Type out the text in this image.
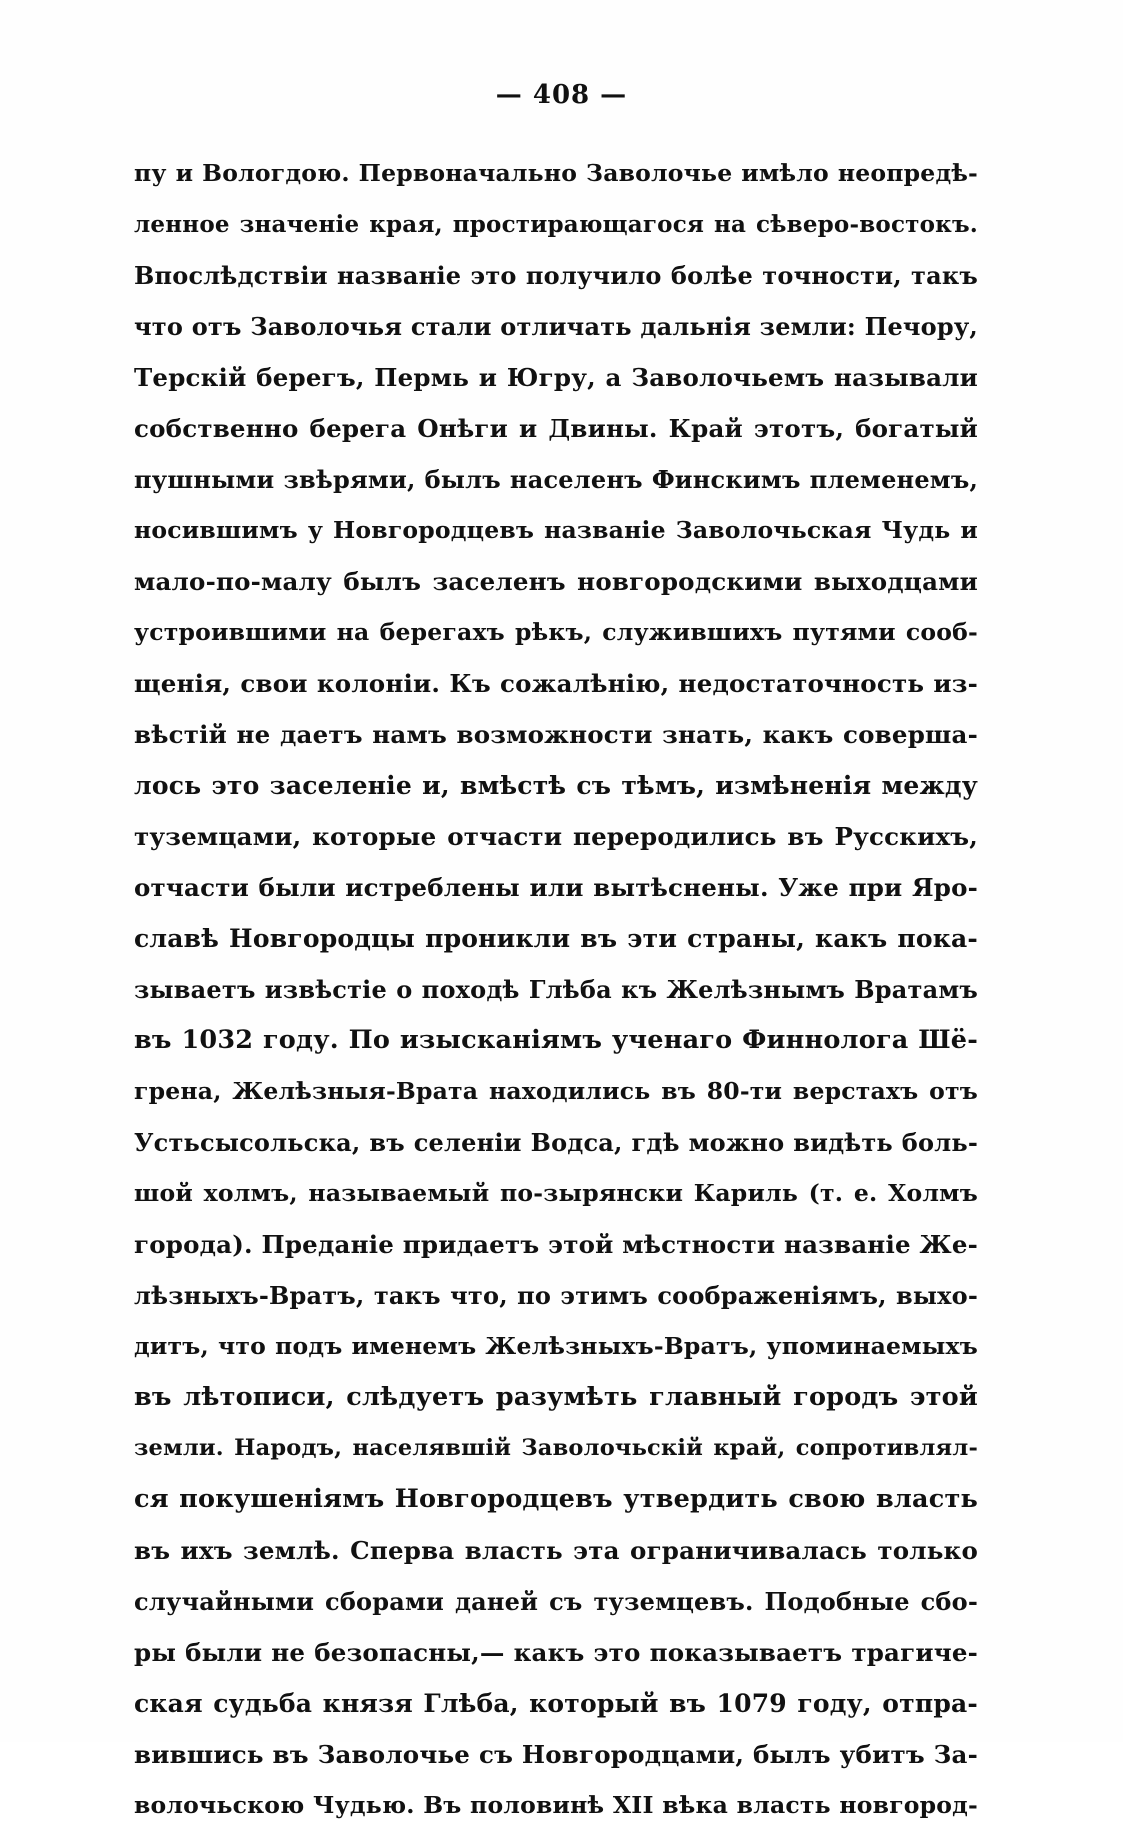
— 408 —
пу и Вологдою. Первоначально Заволочье имѣло неопредѣ-
ленное значеніе края, простирающагося на сѣверо-востокъ.
Впослѣдствіи названіе это получило болѣе точности, такъ
что отъ Заволочья стали отличать дальнія земли: Печору,
Терскій берегъ, Пермь и Югру, а Заволочьемъ называли
собственно берега Онѣги и Двины. Край этотъ, богатый
пушными звѣрями, былъ населенъ Финскимъ племенемъ,
носившимъ у Новгородцевъ названіе Заволочьская Чудь и
мало-по-малу былъ заселенъ новгородскими выходцами
устроившими на берегахъ рѣкъ, служившихъ путями сооб-
щенія, свои колоніи. Къ сожалѣнію, недостаточность из-
вѣстій не даетъ намъ возможности знать, какъ соверша-
лось это заселеніе и, вмѣстѣ съ тѣмъ, измѣненія между
туземцами, которые отчасти переродились въ Русскихъ,
отчасти были истреблены или вытѣснены. Уже при Яро-
славѣ Новгородцы проникли въ эти страны, какъ пока-
зываетъ извѣстіе о походѣ Глѣба къ Желѣзнымъ Вратамъ
въ 1032 году. По изысканіямъ ученаго Финнолога Шё-
грена, Желѣзныя-Врата находились въ 80-ти верстахъ отъ
Устьсысольска, въ селеніи Водса, гдѣ можно видѣть боль-
шой холмъ, называемый по-зырянски Кариль (т. е. Холмъ
города). Преданіе придаетъ этой мѣстности названіе Же-
лѣзныхъ-Вратъ, такъ что, по этимъ соображеніямъ, выхо-
дитъ, что подъ именемъ Желѣзныхъ-Вратъ, упоминаемыхъ
въ лѣтописи, слѣдуетъ разумѣть главный городъ этой
земли. Народъ, населявшій Заволочьскій край, сопротивлял-
ся покушеніямъ Новгородцевъ утвердить свою власть
въ ихъ землѣ. Сперва власть эта ограничивалась только
случайными сборами даней съ туземцевъ. Подобные сбо-
ры были не безопасны,— какъ это показываетъ трагиче-
ская судьба князя Глѣба, который въ 1079 году, отпра-
вившись въ Заволочье съ Новгородцами, былъ убитъ За-
волочьскою Чудью. Въ половинѣ XII вѣка власть новгород-
